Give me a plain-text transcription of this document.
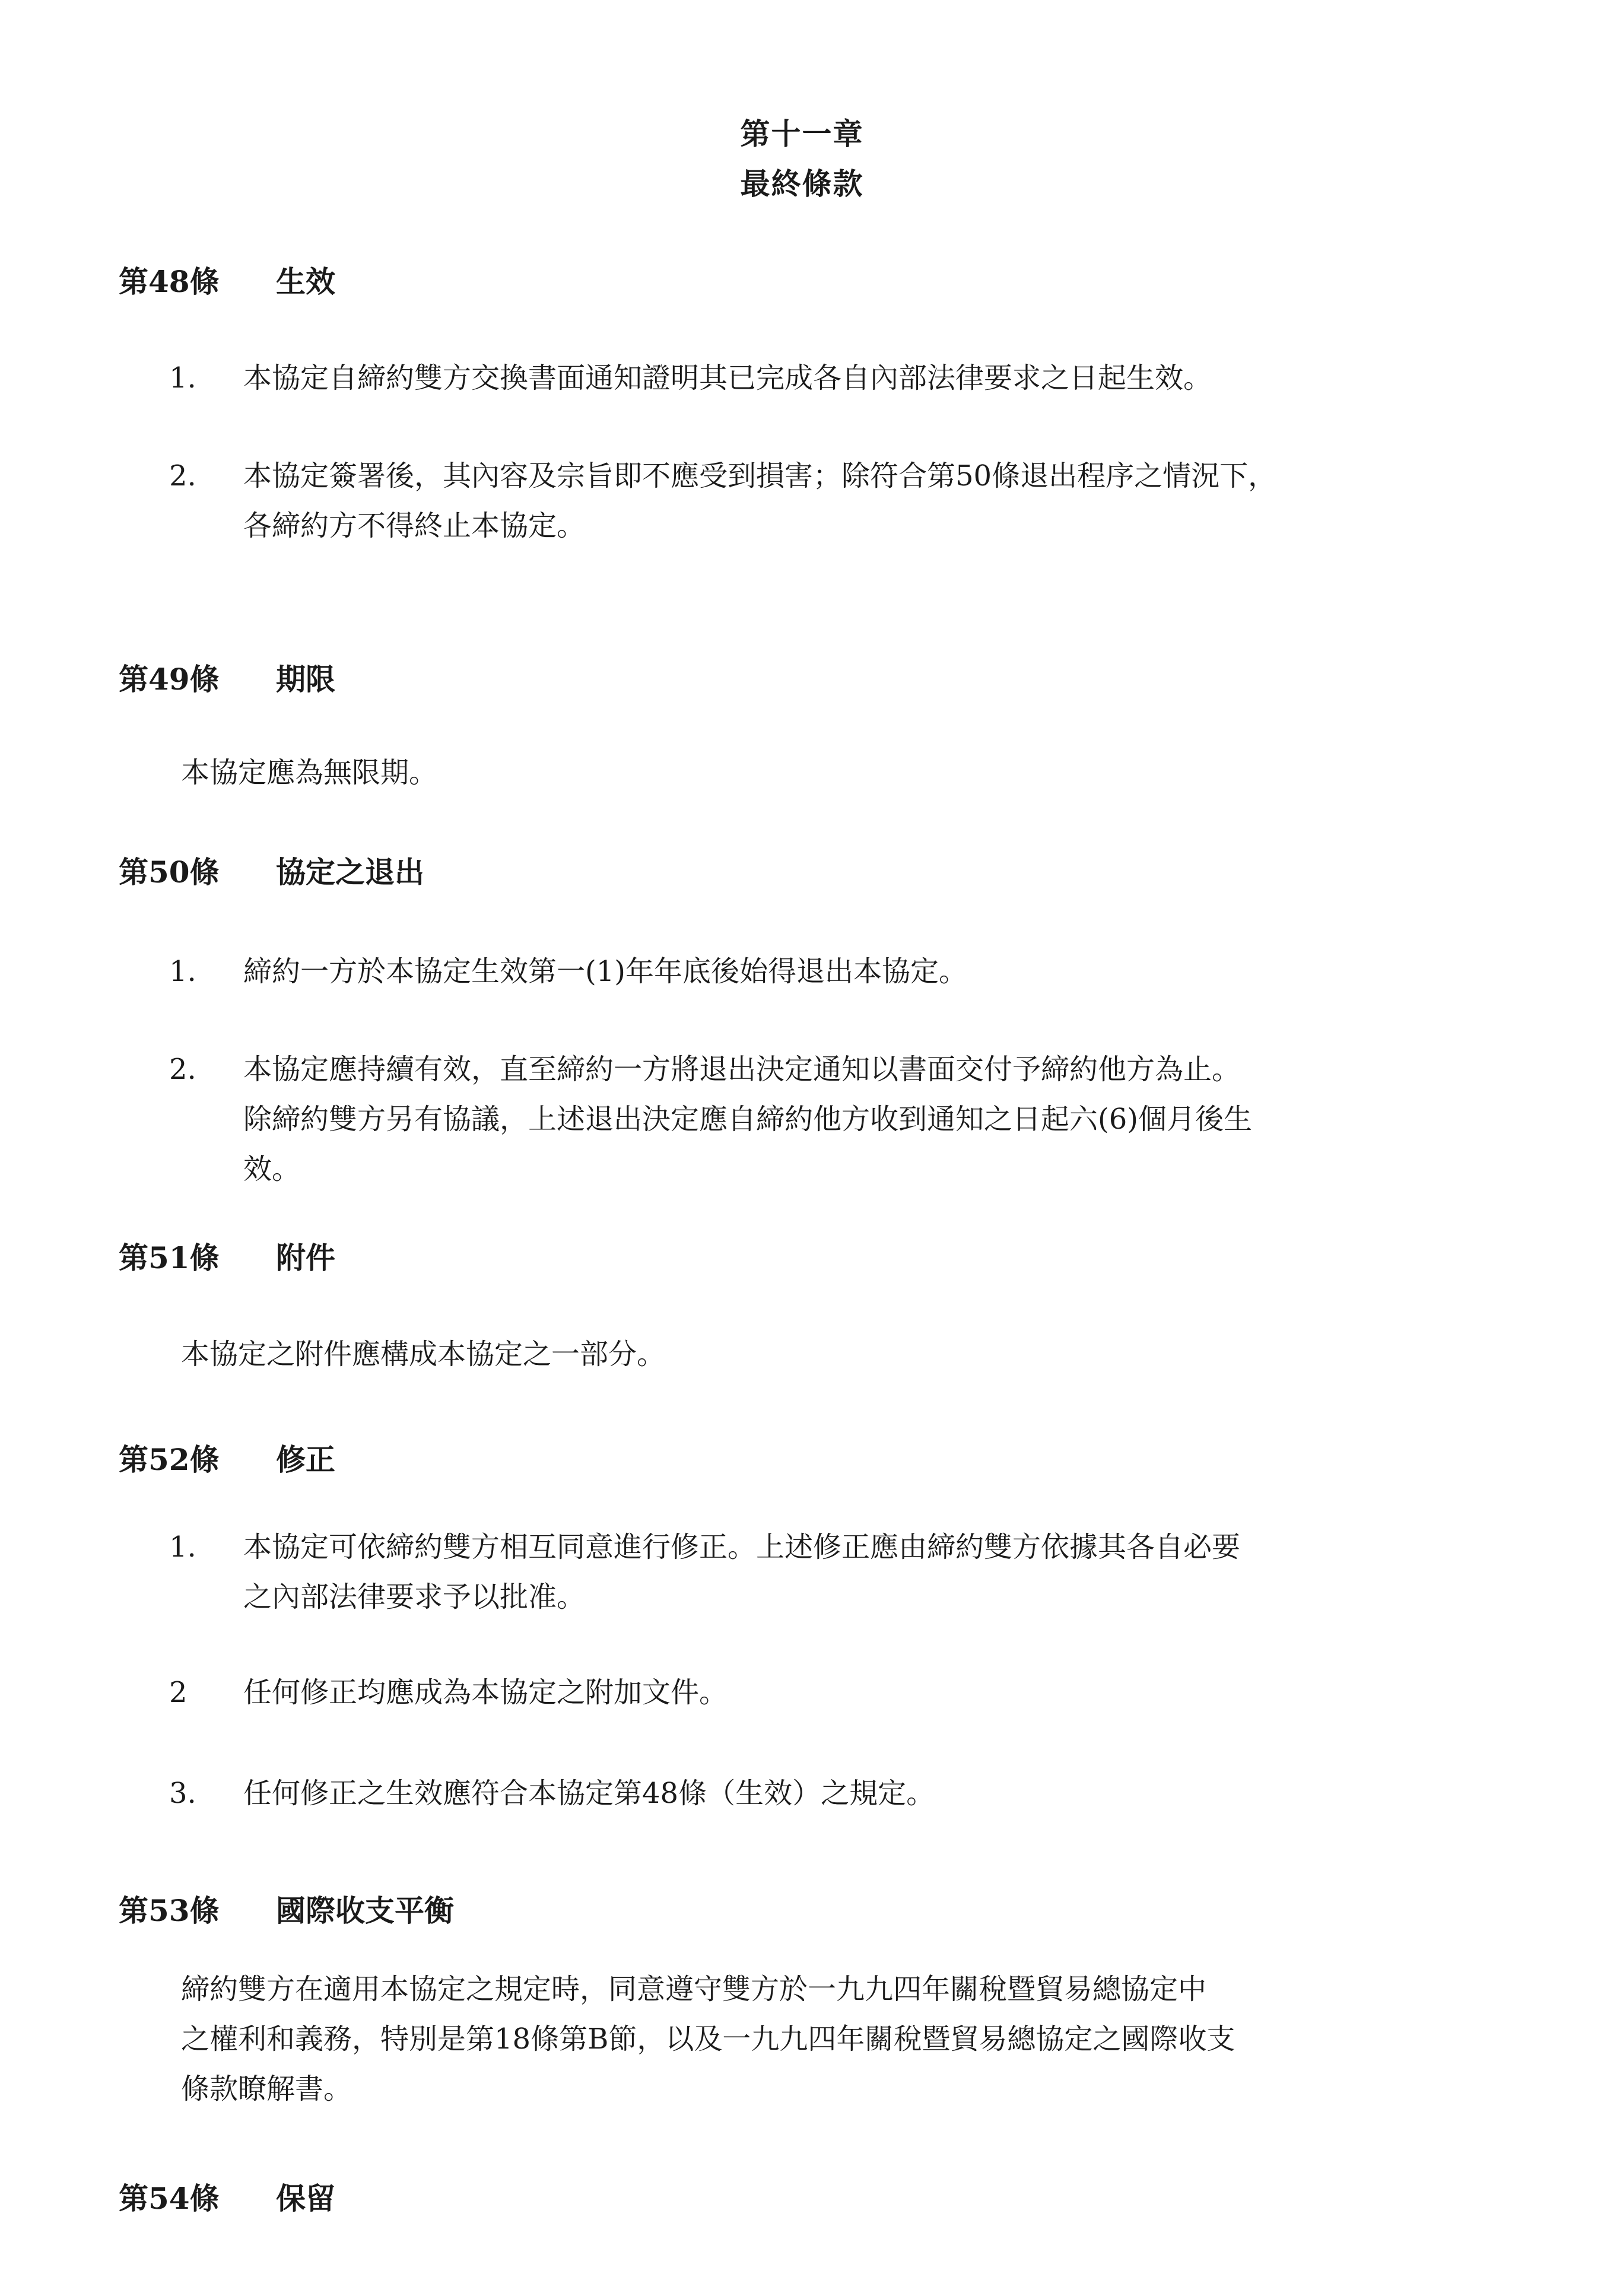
第十一章
最終條款
第48條 生效
1.	本協定自締約雙方交換書面通知證明其已完成各自內部法律要求之日起生效。
2.	本協定簽署後，其內容及宗旨即不應受到損害；除符合第50條退出程序之情況下，
各締約方不得終止本協定。
第49條 期限
本協定應為無限期。
第50條 協定之退出
1.	締約一方於本協定生效第一(1)年年底後始得退出本協定。
2.	本協定應持續有效，直至締約一方將退出決定通知以書面交付予締約他方為止。
除締約雙方另有協議，上述退出決定應自締約他方收到通知之日起六(6)個月後生
效。
第51條 附件
本協定之附件應構成本協定之一部分。
第52條 修正
1.	本協定可依締約雙方相互同意進行修正。上述修正應由締約雙方依據其各自必要
之內部法律要求予以批准。
2	任何修正均應成為本協定之附加文件。
3.	任何修正之生效應符合本協定第48條（生效）之規定。
第53條 國際收支平衡
締約雙方在適用本協定之規定時，同意遵守雙方於一九九四年關稅暨貿易總協定中
之權利和義務，特別是第18條第B節，以及一九九四年關稅暨貿易總協定之國際收支
條款瞭解書。
第54條 保留
